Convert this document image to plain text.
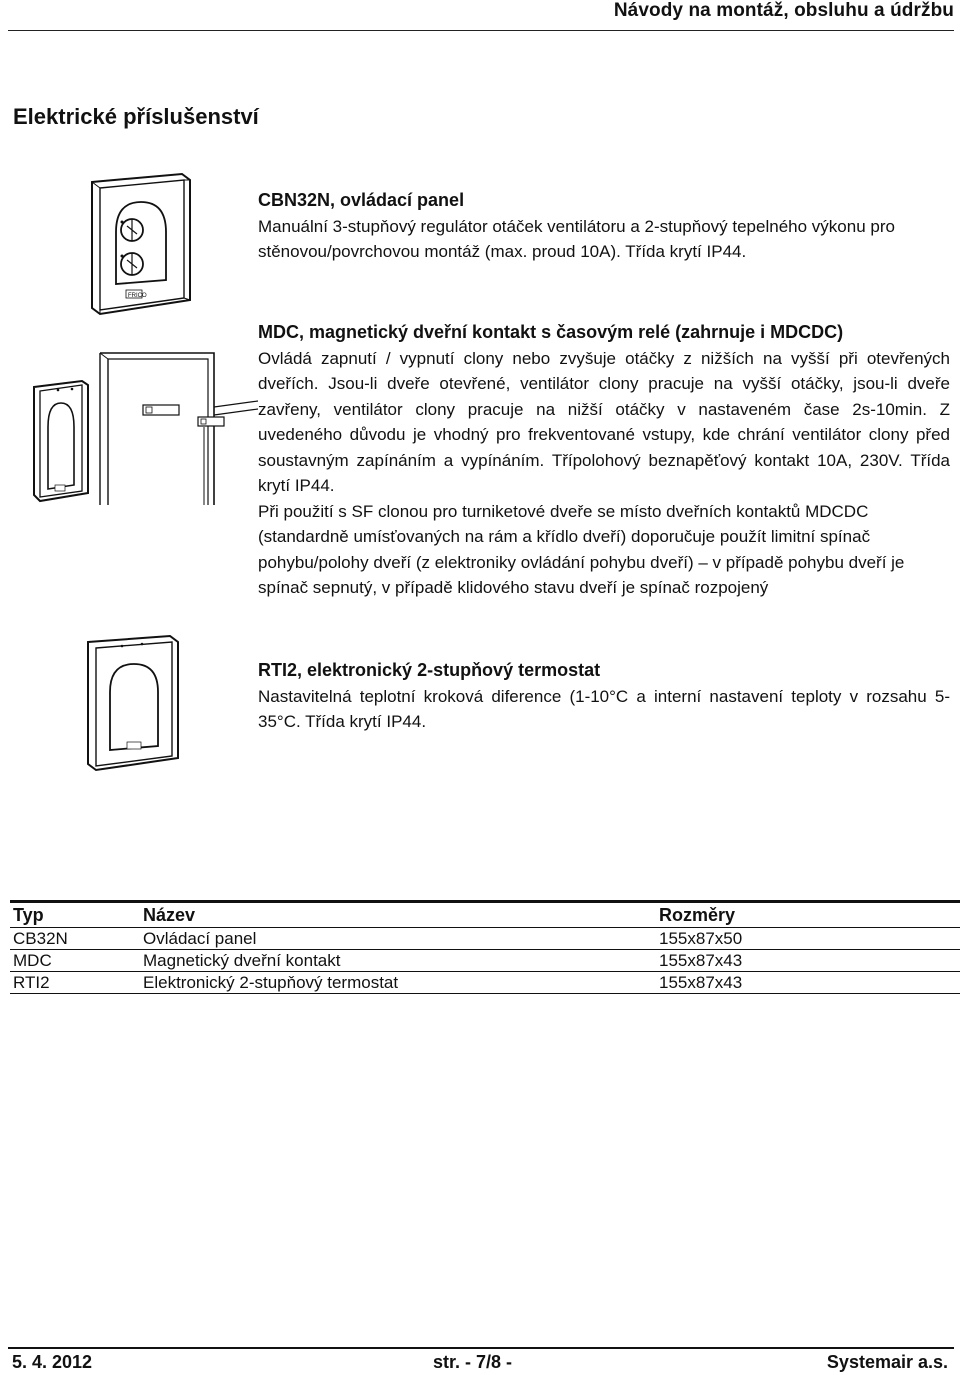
Návody na montáž, obsluhu a údržbu
Elektrické příslušenství
FRICO
CBN32N, ovládací panel
Manuální 3-stupňový regulátor otáček ventilátoru a 2-stupňový tepelného výkonu pro stěnovou/povrchovou montáž (max. proud 10A). Třída krytí IP44.
MDC, magnetický dveřní kontakt s časovým relé (zahrnuje i MDCDC)
Ovládá zapnutí / vypnutí clony nebo zvyšuje otáčky z nižších na vyšší při otevřených dveřích. Jsou-li dveře otevřené, ventilátor clony pracuje na vyšší otáčky, jsou-li dveře zavřeny, ventilátor clony pracuje na nižší otáčky v nastaveném čase 2s-10min. Z uvedeného důvodu je vhodný pro frekventované vstupy, kde chrání ventilátor clony před soustavným zapínáním a vypínáním. Třípolohový beznapěťový kontakt 10A, 230V. Třída krytí IP44.
Při použití s SF clonou pro turniketové dveře se místo dveřních kontaktů MDCDC (standardně umísťovaných na rám a křídlo dveří) doporučuje použít limitní spínač pohybu/polohy dveří (z elektroniky ovládání pohybu dveří) – v případě pohybu dveří je spínač sepnutý, v případě klidového stavu dveří je spínač rozpojený
RTI2, elektronický 2-stupňový termostat
Nastavitelná teplotní kroková diference (1-10°C a interní nastavení teploty v rozsahu 5-35°C. Třída krytí IP44.
Typ	Název	Rozměry
CB32N	Ovládací panel	155x87x50
MDC	Magnetický dveřní kontakt	155x87x43
RTI2	Elektronický 2-stupňový termostat	155x87x43
5. 4. 2012	str. - 7/8 -	Systemair a.s.
